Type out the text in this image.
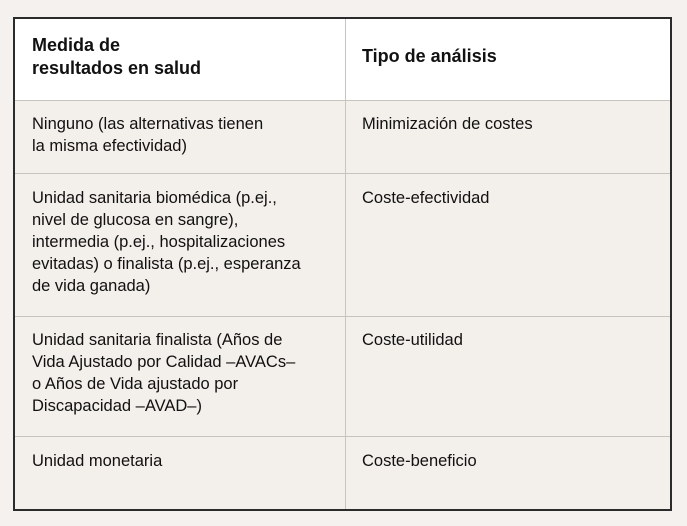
Medida de
resultados en salud
Tipo de análisis
Ninguno (las alternativas tienen
la misma efectividad)
Minimización de costes
Unidad sanitaria biomédica (p.ej.,
nivel de glucosa en sangre),
intermedia (p.ej., hospitalizaciones
evitadas) o finalista (p.ej., esperanza
de vida ganada)
Coste-efectividad
Unidad sanitaria finalista (Años de
Vida Ajustado por Calidad –AVACs–
o Años de Vida ajustado por
Discapacidad –AVAD–)
Coste-utilidad
Unidad monetaria	Coste-beneficio
